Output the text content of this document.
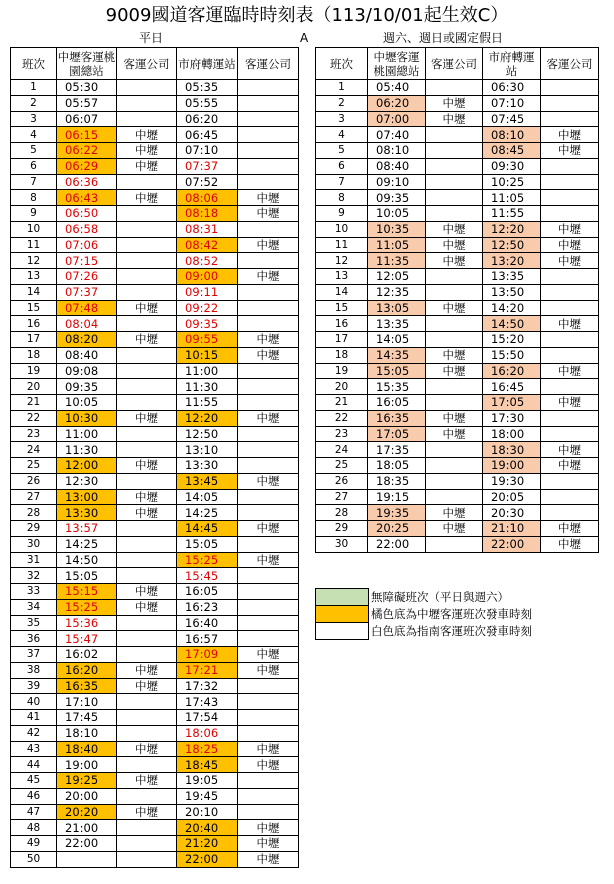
9009國道客運臨時時刻表（113/10/01起生效C）
平日	A	週六、週日或國定假日
班次	中壢客運桃園總站	客運公司	市府轉運站	客運公司
1	05:30		05:35	
2	05:57		05:55	
3	06:07		06:20	
4	06:15	中壢	06:45	
5	06:22	中壢	07:10	
6	06:29	中壢	07:37	
7	06:36		07:52	
8	06:43	中壢	08:06	中壢
9	06:50		08:18	中壢
10	06:58		08:31	
11	07:06		08:42	中壢
12	07:15		08:52	
13	07:26		09:00	中壢
14	07:37		09:11	
15	07:48	中壢	09:22	
16	08:04		09:35	
17	08:20	中壢	09:55	中壢
18	08:40		10:15	中壢
19	09:08		11:00	
20	09:35		11:30	
21	10:05		11:55	
22	10:30	中壢	12:20	中壢
23	11:00		12:50	
24	11:30		13:10	
25	12:00	中壢	13:30	
26	12:30		13:45	中壢
27	13:00	中壢	14:05	
28	13:30	中壢	14:25	
29	13:57		14:45	中壢
30	14:25		15:05	
31	14:50		15:25	中壢
32	15:05		15:45	
33	15:15	中壢	16:05	
34	15:25	中壢	16:23	
35	15:36		16:40	
36	15:47		16:57	
37	16:02		17:09	中壢
38	16:20	中壢	17:21	中壢
39	16:35	中壢	17:32	
40	17:10		17:43	
41	17:45		17:54	
42	18:10		18:06	
43	18:40	中壢	18:25	中壢
44	19:00		18:45	中壢
45	19:25	中壢	19:05	
46	20:00		19:45	
47	20:20	中壢	20:10	
48	21:00		20:40	中壢
49	22:00		21:20	中壢
50			22:00	中壢
班次	中壢客運桃園總站	客運公司	市府轉運站	客運公司
1	05:40		06:30	
2	06:20	中壢	07:10	
3	07:00	中壢	07:45	
4	07:40		08:10	中壢
5	08:10		08:45	中壢
6	08:40		09:30	
7	09:10		10:25	
8	09:35		11:05	
9	10:05		11:55	
10	10:35	中壢	12:20	中壢
11	11:05	中壢	12:50	中壢
12	11:35	中壢	13:20	中壢
13	12:05		13:35	
14	12:35		13:50	
15	13:05	中壢	14:20	
16	13:35		14:50	中壢
17	14:05		15:20	
18	14:35	中壢	15:50	
19	15:05	中壢	16:20	中壢
20	15:35		16:45	
21	16:05		17:05	中壢
22	16:35	中壢	17:30	
23	17:05	中壢	18:00	
24	17:35		18:30	中壢
25	18:05		19:00	中壢
26	18:35		19:30	
27	19:15		20:05	
28	19:35	中壢	20:30	
29	20:25	中壢	21:10	中壢
30	22:00		22:00	中壢
	無障礙班次（平日與週六）
	橘色底為中壢客運班次發車時刻
	白色底為指南客運班次發車時刻
